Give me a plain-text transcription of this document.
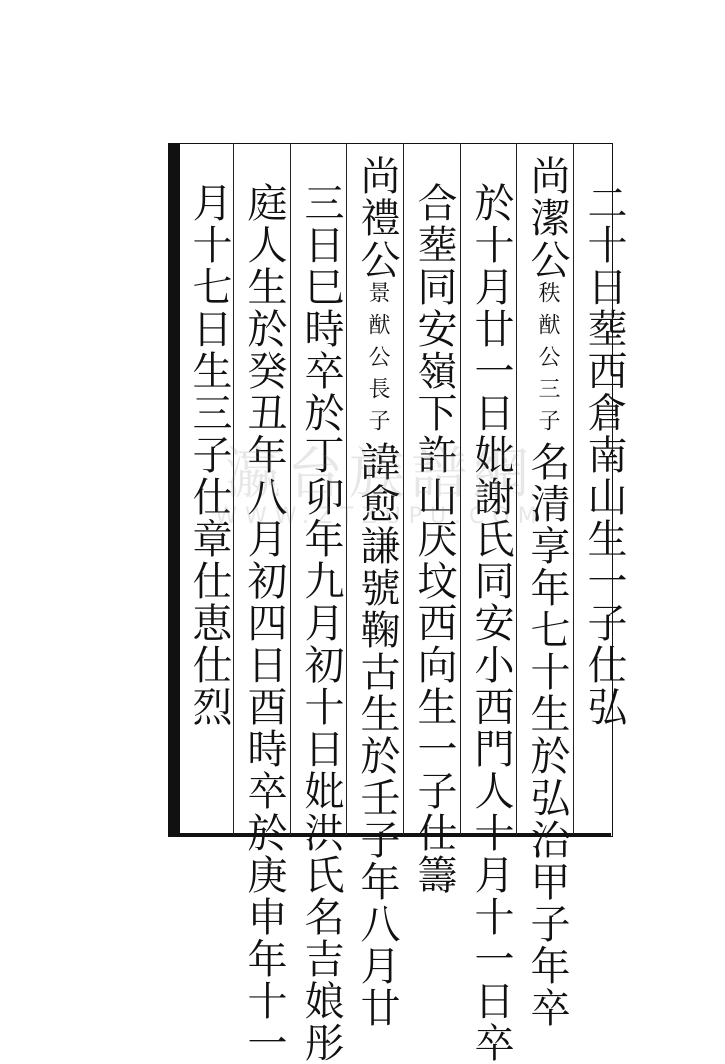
二十日塟西倉南山生一子仕弘
尚潔公秩猷公三子名清享年七十生於弘治甲子年卒
於十月廿一日妣謝氏同安小西門人十月十一日卒
合塟同安嶺下許山厌坟西向生一子仕籌
尚禮公景猷公長子諱愈謙號鞠古生於壬子年八月廿
三日巳時卒於丁卯年九月初十日妣洪氏名吉娘彤
庭人生於癸丑年八月初四日酉時卒於庚申年十一
月十七日生三子仕章仕恵仕烈
瀛台族譜網
WWW.ZTZUPU.COM
